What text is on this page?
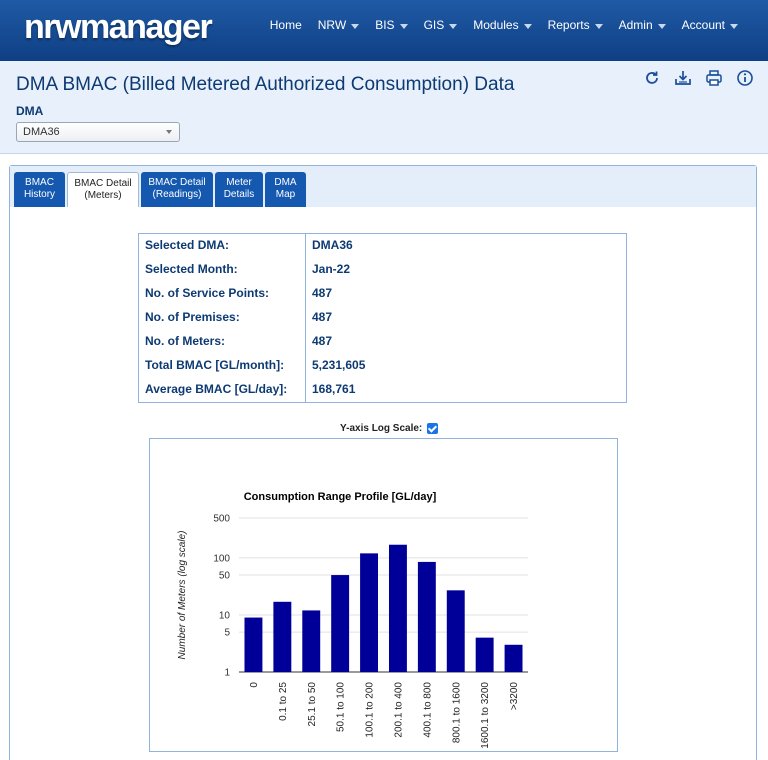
nrwmanager	Home NRW BIS GIS Modules Reports Admin Account
DMA BMAC (Billed Metered Authorized Consumption) Data
DMA
DMA36
BMAC
History
BMAC Detail
(Meters)
BMAC Detail
(Readings)
Meter
Details
DMA
Map
Selected DMA:	DMA36
Selected Month:	Jan-22
No. of Service Points:	487
No. of Premises:	487
No. of Meters:	487
Total BMAC [GL/month]: 5,231,605
Average BMAC [GL/day]: 168,761
Y-axis Log Scale:
Consumption Range Profile [GL/day]
Number of Meters (log scale)
1
5
10
50
100
500
0 0.1 to 25 25.1 to 50 50.1 to 100 100.1 to 200 200.1 to 400 400.1 to 800 800.1 to 1600 1600.1 to 3200 >3200
